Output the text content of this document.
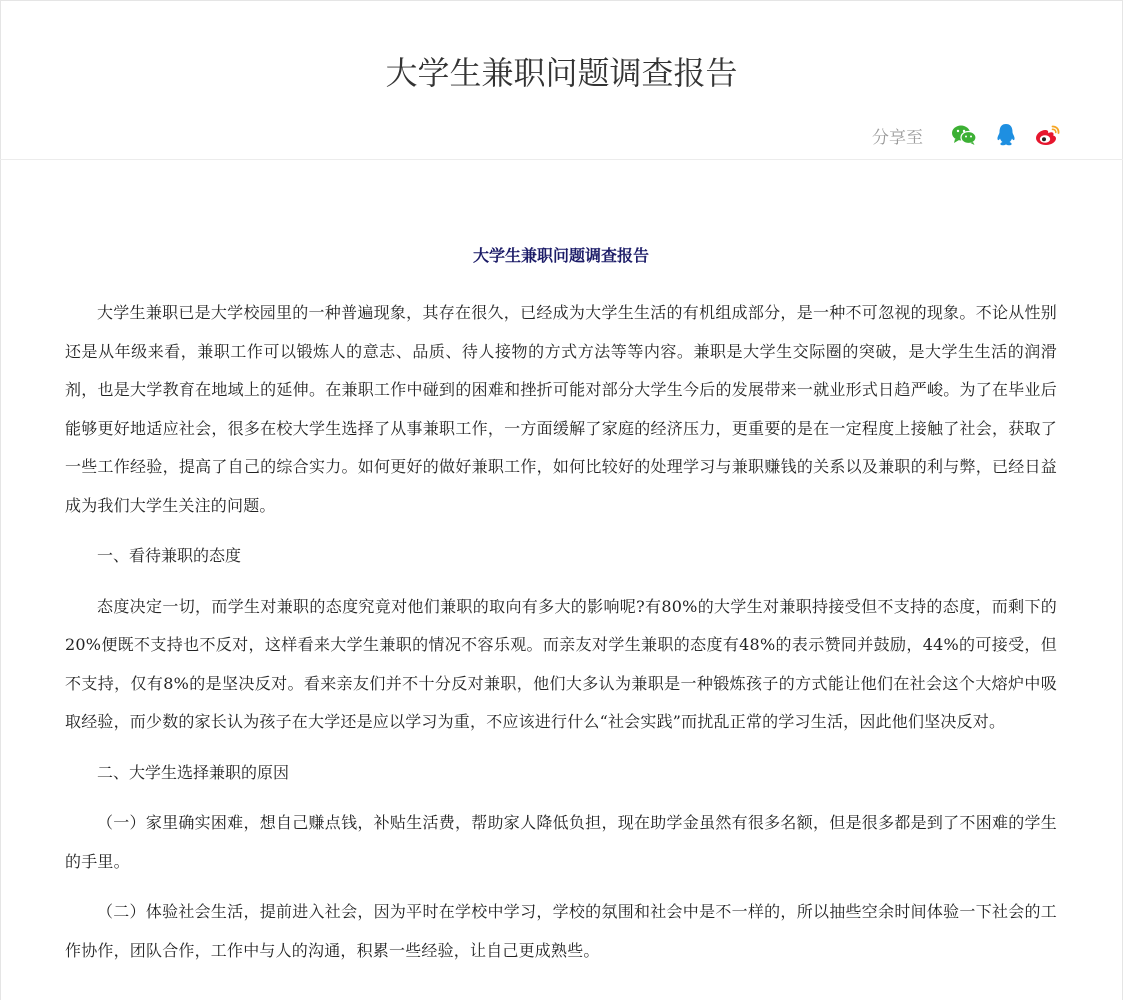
大学生兼职问题调查报告
分享至
大学生兼职问题调查报告

大学生兼职已是大学校园里的一种普遍现象，其存在很久，已经成为大学生生活的有机组成部分，是一种不可忽视的现象。不论从性别还是从年级来看，兼职工作可以锻炼人的意志、品质、待人接物的方式方法等等内容。兼职是大学生交际圈的突破，是大学生生活的润滑剂，也是大学教育在地域上的延伸。在兼职工作中碰到的困难和挫折可能对部分大学生今后的发展带来一就业形式日趋严峻。为了在毕业后能够更好地适应社会，很多在校大学生选择了从事兼职工作，一方面缓解了家庭的经济压力，更重要的是在一定程度上接触了社会，获取了一些工作经验，提高了自己的综合实力。如何更好的做好兼职工作，如何比较好的处理学习与兼职赚钱的关系以及兼职的利与弊，已经日益成为我们大学生关注的问题。

一、看待兼职的态度

态度决定一切，而学生对兼职的态度究竟对他们兼职的取向有多大的影响呢?有80%的大学生对兼职持接受但不支持的态度，而剩下的20%便既不支持也不反对，这样看来大学生兼职的情况不容乐观。而亲友对学生兼职的态度有48%的表示赞同并鼓励，44%的可接受，但不支持，仅有8%的是坚决反对。看来亲友们并不十分反对兼职，他们大多认为兼职是一种锻炼孩子的方式能让他们在社会这个大熔炉中吸取经验，而少数的家长认为孩子在大学还是应以学习为重，不应该进行什么“社会实践”而扰乱正常的学习生活，因此他们坚决反对。

二、大学生选择兼职的原因

（一）家里确实困难，想自己赚点钱，补贴生活费，帮助家人降低负担，现在助学金虽然有很多名额，但是很多都是到了不困难的学生的手里。

（二）体验社会生活，提前进入社会，因为平时在学校中学习，学校的氛围和社会中是不一样的，所以抽些空余时间体验一下社会的工作协作，团队合作，工作中与人的沟通，积累一些经验，让自己更成熟些。
